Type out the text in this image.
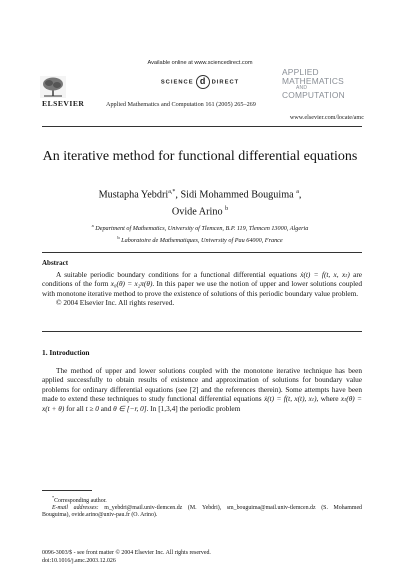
Available online at www.sciencedirect.com
SCIENCE d DIRECT
ELSEVIER	Applied Mathematics and Computation 161 (2005) 265–269
APPLIED
MATHEMATICS
AND
COMPUTATION
www.elsevier.com/locate/amc
An iterative method for functional differential equations
Mustapha Yebdri$^{a,*}$, Sidi Mohammed Bouguima $^a$,
Ovide Arino $^b$
$^a$ Department of Mathematics, University of Tlemcen, B.P. 119, Tlemcen 13000, Algeria
$^b$ Laboratoire de Mathematiques, University of Pau 64000, France
Abstract
A suitable periodic boundary conditions for a functional differential equations ẋ(t) = f(t, x, xₜ) are conditions of the form x₀(θ) = x₂π(θ). In this paper we use the notion of upper and lower solutions coupled with monotone iterative method to prove the existence of solutions of this periodic boundary value problem.
© 2004 Elsevier Inc. All rights reserved.
1. Introduction
The method of upper and lower solutions coupled with the monotone iterative technique has been applied successfully to obtain results of existence and approximation of solutions for boundary value problems for ordinary differential equations (see [2] and the references therein). Some attempts have been made to extend these techniques to study functional differential equations ẋ(t) = f(t, x(t), xₜ), where xₜ(θ) = x(t + θ) for all t ≥ 0 and θ ∈ [−r, 0]. In [1,3,4] the periodic problem
*Corresponding author.
E-mail addresses: m_yebdri@mail.univ-tlemcen.dz (M. Yebdri), sm_bouguima@mail.univ-tlemcen.dz (S. Mohammed Bouguima), ovide.arino@univ-pau.fr (O. Arino).
0096-3003/$ - see front matter © 2004 Elsevier Inc. All rights reserved.
doi:10.1016/j.amc.2003.12.026
